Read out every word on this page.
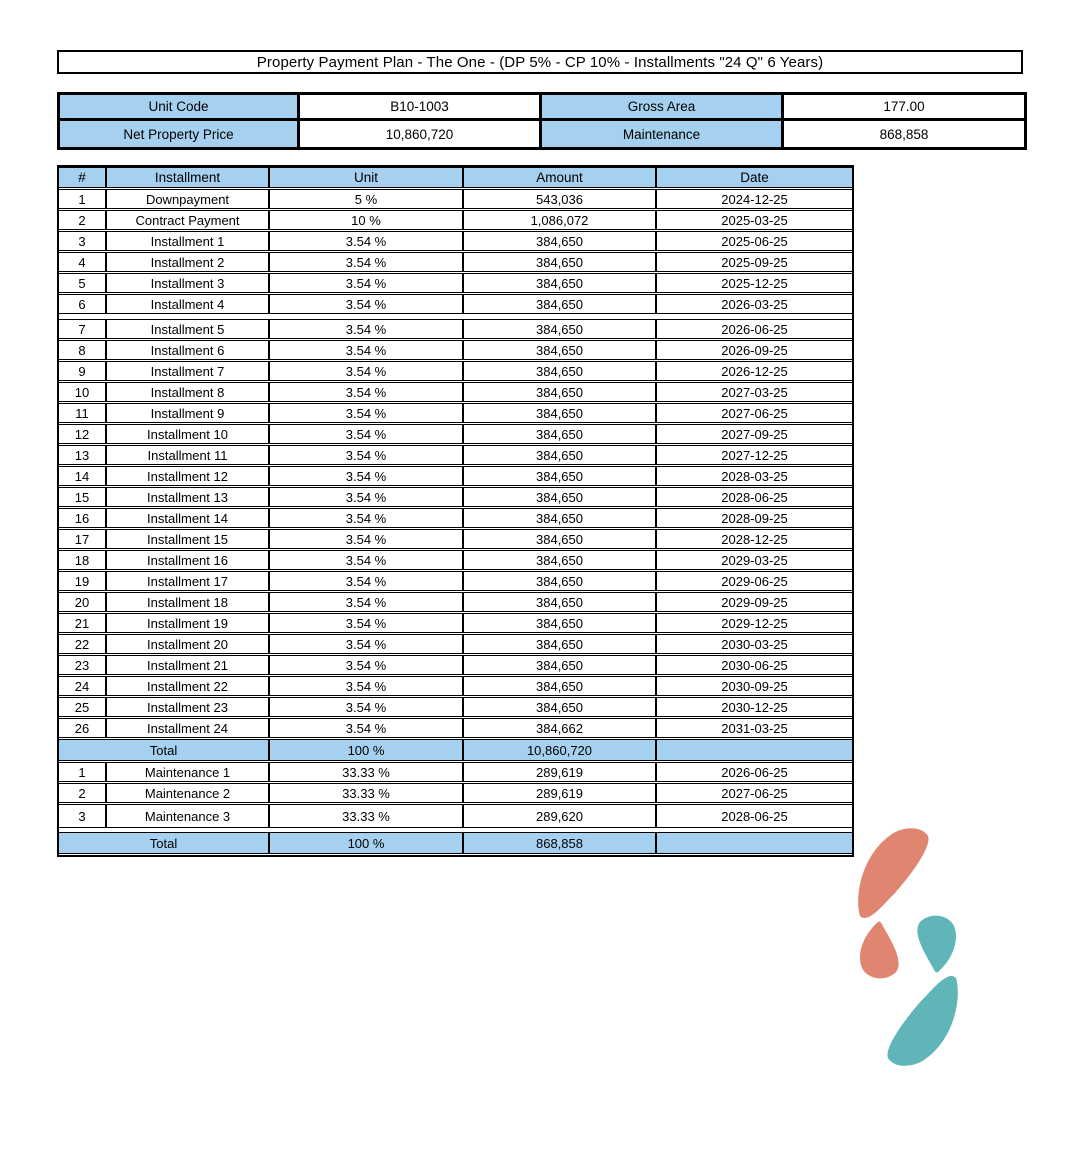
Property Payment Plan - The One - (DP 5% - CP 10% - Installments "24 Q" 6 Years)
Unit Code	B10-1003	Gross Area	177.00
Net Property Price	10,860,720	Maintenance	868,858
#	Installment	Unit	Amount	Date
1	Downpayment	5 %	543,036	2024-12-25
2	Contract Payment	10 %	1,086,072	2025-03-25
3	Installment 1	3.54 %	384,650	2025-06-25
4	Installment 2	3.54 %	384,650	2025-09-25
5	Installment 3	3.54 %	384,650	2025-12-25
6	Installment 4	3.54 %	384,650	2026-03-25
7	Installment 5	3.54 %	384,650	2026-06-25
8	Installment 6	3.54 %	384,650	2026-09-25
9	Installment 7	3.54 %	384,650	2026-12-25
10	Installment 8	3.54 %	384,650	2027-03-25
11	Installment 9	3.54 %	384,650	2027-06-25
12	Installment 10	3.54 %	384,650	2027-09-25
13	Installment 11	3.54 %	384,650	2027-12-25
14	Installment 12	3.54 %	384,650	2028-03-25
15	Installment 13	3.54 %	384,650	2028-06-25
16	Installment 14	3.54 %	384,650	2028-09-25
17	Installment 15	3.54 %	384,650	2028-12-25
18	Installment 16	3.54 %	384,650	2029-03-25
19	Installment 17	3.54 %	384,650	2029-06-25
20	Installment 18	3.54 %	384,650	2029-09-25
21	Installment 19	3.54 %	384,650	2029-12-25
22	Installment 20	3.54 %	384,650	2030-03-25
23	Installment 21	3.54 %	384,650	2030-06-25
24	Installment 22	3.54 %	384,650	2030-09-25
25	Installment 23	3.54 %	384,650	2030-12-25
26	Installment 24	3.54 %	384,662	2031-03-25
Total	100 %	10,860,720
1	Maintenance 1	33.33 %	289,619	2026-06-25
2	Maintenance 2	33.33 %	289,619	2027-06-25
3	Maintenance 3	33.33 %	289,620	2028-06-25
Total	100 %	868,858
